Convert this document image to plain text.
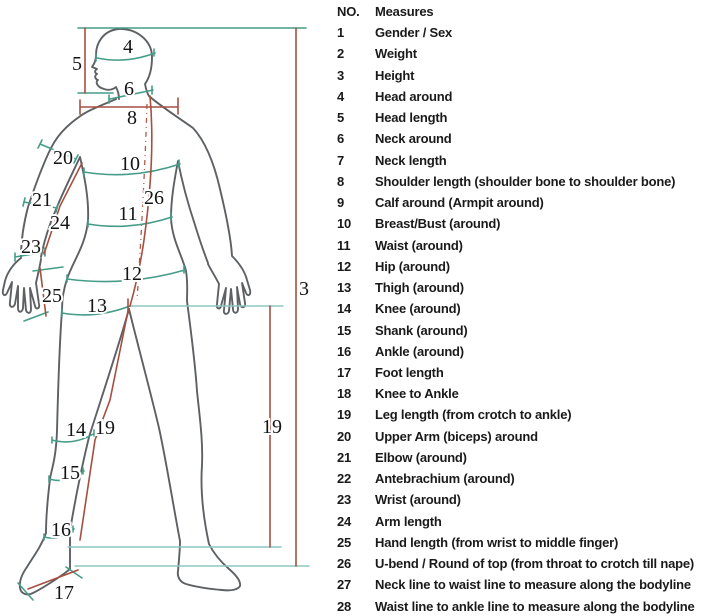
4
5
6
8
20 10
26
21
11
24
23
12
25 13
3
14 19	19
15
16
17
NO.	Measures
1	Gender / Sex
2	Weight
3	Height
4	Head around
5	Head length
6	Neck around
7	Neck length
8	Shoulder length (shoulder bone to shoulder bone)
9	Calf around (Armpit around)
10	Breast/Bust (around)
11	Waist (around)
12	Hip (around)
13	Thigh (around)
14	Knee (around)
15	Shank (around)
16	Ankle (around)
17	Foot length
18	Knee to Ankle
19	Leg length (from crotch to ankle)
20	Upper Arm (biceps) around
21	Elbow (around)
22	Antebrachium (around)
23	Wrist (around)
24	Arm length
25	Hand length (from wrist to middle finger)
26	U-bend / Round of top (from throat to crotch till nape)
27	Neck line to waist line to measure along the bodyline
28	Waist line to ankle line to measure along the bodyline
